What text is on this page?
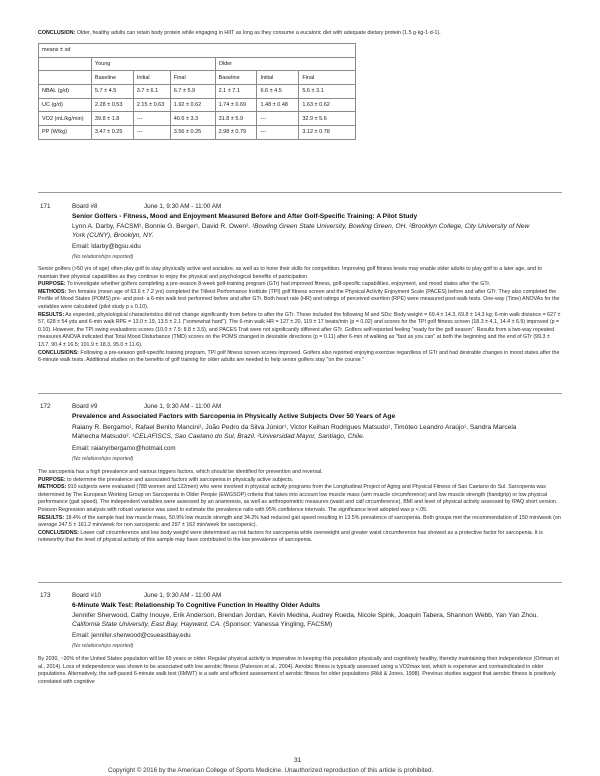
CONCLUSION: Older, healthy adults can retain body protein while engaging in HIIT as long as they consume a eucaloric diet with adequate dietary protein (1.5 g·kg-1·d-1).
means ± sd						
	Young			Older		
	Baseline	Initial	Final	Baseline	Initial	Final
NBAL (g/d)	5.7 ± 4.5	3.7 ± 6.1	6.7 ± 5.9	2.1 ± 7.1	6.6 ± 4.5	5.6 ± 3.1
UC (g/d)	2.28 ± 0.53	2.15 ± 0.63	1.92 ± 0.62	1.74 ± 0.69	1.48 ± 0.48	1.63 ± 0.62
VO2 (mL/kg/min)	39.8 ± 1.8	---	40.6 ± 3.3	31.8 ± 5.9	---	32.9 ± 5.6
PP (W/kg)	3.47 ± 0.25	---	3.56 ± 0.25	2.98 ± 0.79	---	3.12 ± 0.78
171	Board #8	June 1, 9:30 AM - 11:00 AM
Senior Golfers - Fitness, Mood and Enjoyment Measured Before and After Golf-Specific Training: A Pilot Study
Lynn A. Darby, FACSM¹, Bonnie G. Berger¹, David R. Owen². ¹Bowling Green State University, Bowling Green, OH. ²Brooklyn College, City University of New York (CUNY), Brooklyn, NY.
Email: ldarby@bgsu.edu
(No relationships reported)
Senior golfers (>50 yrs of age) often play golf to stay physically active and socialize, as well as to hone their skills for competition. Improving golf fitness levels may enable older adults to play golf to a later age, and to maintain their physical capabilities as they continue to enjoy the physical and psychological benefits of participation.
PURPOSE: To investigate whether golfers completing a pre-season 8-week golf-training program (GTr) had improved fitness, golf-specific capabilities, enjoyment, and mood states after the GTr.
METHODS: Ten females (mean age of 63.6 ± 7.2 yrs) completed the Titleist Performance Institute (TPI) golf fitness screen and the Physical Activity Enjoyment Scale (PACES) before and after GTr. They also completed the Profile of Mood States (POMS) pre- and post- a 6-min walk test performed before and after GTr. Both heart rate (HR) and ratings of perceived exertion (RPE) were measured post-walk tests. One-way (Time) ANOVAs for the variables were calculated (pilot study p ≤ 0.10).
RESULTS: As expected, physiological characteristics did not change significantly from before to after the GTr. These included the following M and SDs: Body weight = 69.4 ± 14.3, 69.8 ± 14.3 kg; 6-min walk distance = 627 ± 57, 628 ± 54 yds and 6-min walk RPE = 13.0 ± 19, 13.5 ± 2.1 ("somewhat hard"). The 6-min walk HR = 127 ± 20, 119 ± 17 beats/min (p = 0.02) and scores for the TPI golf fitness screen (18.3 ± 4.1, 14.4 ± 6.9) improved (p = 0.10). However, the TPI swing evaluations scores (10.0 ± 7.5; 8.8 ± 3.5), and PACES Trait were not significantly different after GTr. Golfers self-reported feeling "ready for the golf season". Results from a two-way repeated measures ANOVA indicated that Total Mood Disturbance (TMD) scores on the POMS changed in desirable directions (p = 0.11) after 6-min of walking as "fast as you can" at both the beginning and the end of GTr (99.3 ± 13.7, 90.4 ± 16.5; 101.9 ± 18.3, 95.0 ± 11.6).
CONCLUSIONS: Following a pre-season golf-specific training program, TPI golf fitness screen scores improved. Golfers also reported enjoying exercise regardless of GTr and had desirable changes in mood states after the 6-minute walk tests. Additional studies on the benefits of golf training for older adults are needed to help senior golfers stay "on the course."
172	Board #9	June 1, 9:30 AM - 11:00 AM
Prevalence and Associated Factors with Sarcopenia in Physically Active Subjects Over 50 Years of Age
Raiany R. Bergamo¹, Rafael Benito Mancini¹, João Pedro da Silva Júnior¹, Victor Keihan Rodrigues Matsudo¹, Timóteo Leandro Araújo¹, Sandra Marcela Mahecha Matsudo². ¹CELAFISCS, Sao Caetano do Sul, Brazil. ²Universidad Mayor, Santiago, Chile.
Email: raianyrbergamo@hotmail.com
(No relationships reported)
The sarcopenia has a high prevalence and various triggers factors, which should be identified for prevention and reversal.
PURPOSE: to determine the prevalence and associated factors with sarcopenia in physically active subjects.
METHODS: 910 subjects were evaluated (788 women and 122men) who were involved in physical activity programs from the Longitudinal Project of Aging and Physical Fitness of Sao Caetano do Sul. Sarcopenia was determined by The European Working Group on Sarcopenia in Older People (EWGSOP) criteria that takes into account low muscle mass (arm muscle circumference) and low muscle strength (handgrip) or low physical performance (gait speed). The independent variables were assessed by an anamnesis, as well as anthropometric measures (waist and calf circumference), BMI and level of physical activity assessed by IPAQ short version. Poisson Regression analysis with robust variance was used to estimate the prevalence ratio with 95% confidence intervals. The significance level adopted was p <.05.
RESULTS: 18.4% of the sample had low muscle mass, 50.9% low muscle strength and 34.2% had reduced gait speed resulting in 13.5% prevalence of sarcopenia. Both groups met the recommendation of 150 min/week (on average 247.5 ± 161.2 min/week for non sarcopenic and 297 ± 162 min/week for sarcopenic).
CONCLUSIONS: Lower calf circumference and low body weight were determined as risk factors for sarcopenia while overweight and greater waist circumference has showed as a protective factor for sarcopenia. It is noteworthy that the level of physical activity of this sample may have contributed to the low prevalence of sarcopenia.
173	Board #10	June 1, 9:30 AM - 11:00 AM
6-Minute Walk Test: Relationship To Cognitive Function In Healthy Older Adults
Jennifer Sherwood, Cathy Inouye, Erik Anderson, Brendan Jordan, Kevin Medina, Audrey Rueda, Nicole Spink, Joaquin Tabera, Shannon Webb, Yan Yan Zhou. California State University, East Bay, Hayward, CA. (Sponsor: Vanessa Yingling, FACSM)
Email: jennifer.sherwood@csueastbay.edu
(No relationships reported)
By 2030, ~20% of the United States population will be 65 years or older. Regular physical activity is imperative in keeping this population physically and cognitively healthy, thereby maintaining their independence (Ortman et al., 2014). Loss of independence was shown to be associated with low aerobic fitness (Paterson et al., 2004). Aerobic fitness is typically assessed using a VO2max test, which is expensive and contraindicated in older populations. Alternatively, the self-paced 6-minute walk test (6MWT) is a safe and efficient assessment of aerobic fitness for older populations (Rikli & Jones, 1998). Previous studies suggest that aerobic fitness is positively correlated with cognitive
31
Copyright © 2016 by the American College of Sports Medicine. Unauthorized reproduction of this article is prohibited.
